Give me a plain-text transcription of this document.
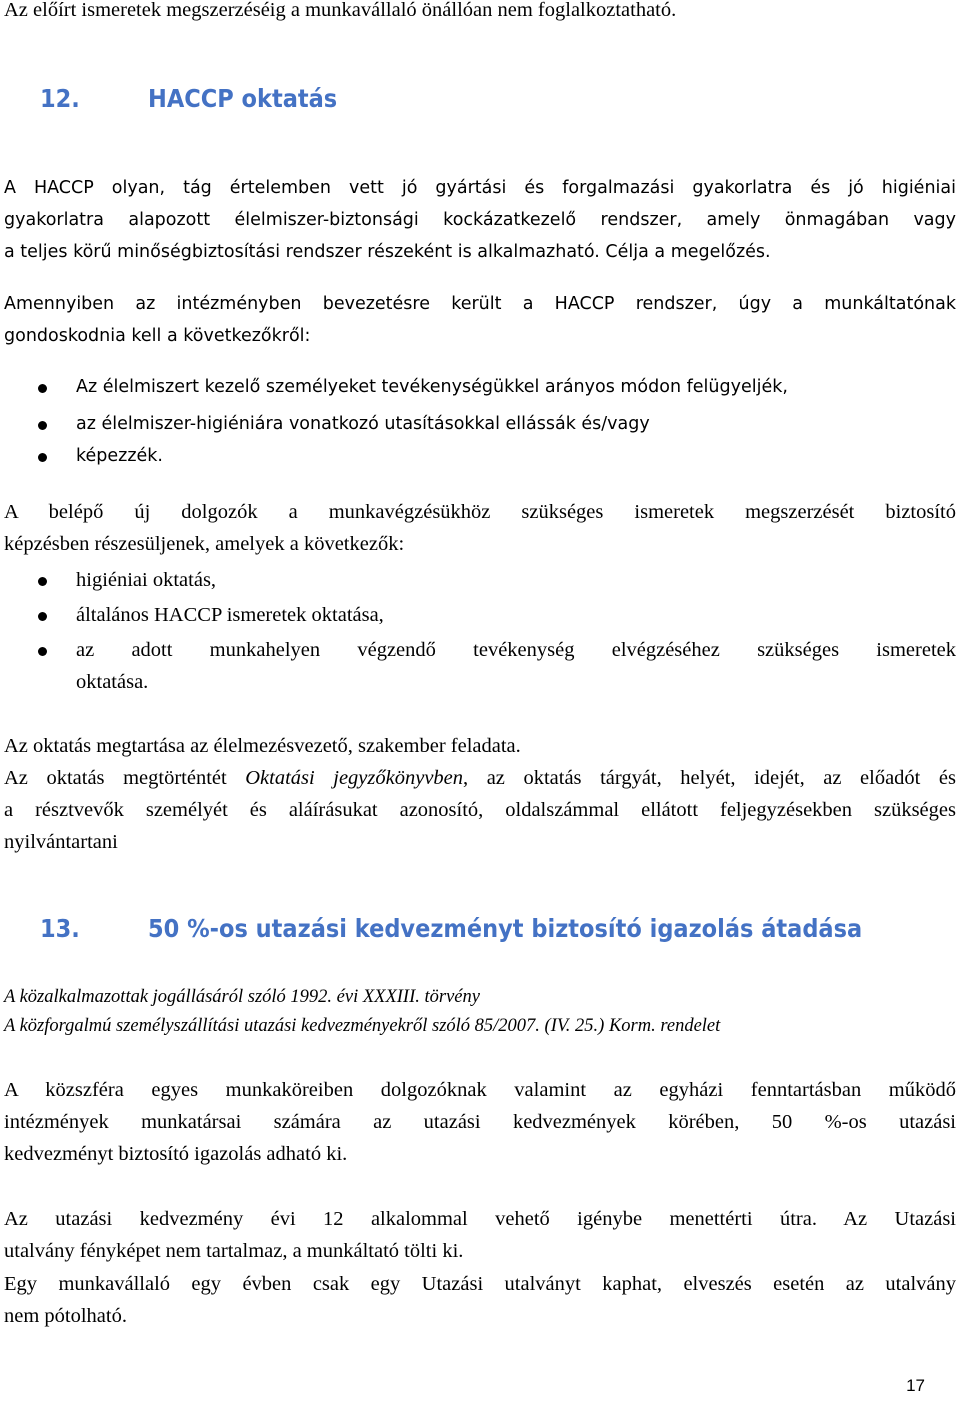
Az előírt ismeretek megszerzéséig a munkavállaló önállóan nem foglalkoztatható.
12.	HACCP oktatás
A HACCP olyan, tág értelemben vett jó gyártási és forgalmazási gyakorlatra és jó higiéniai
gyakorlatra alapozott élelmiszer-biztonsági kockázatkezelő rendszer, amely önmagában vagy
a teljes körű minőségbiztosítási rendszer részeként is alkalmazható. Célja a megelőzés.
Amennyiben az intézményben bevezetésre került a HACCP rendszer, úgy a munkáltatónak
gondoskodnia kell a következőkről:
Az élelmiszert kezelő személyeket tevékenységükkel arányos módon felügyeljék,
az élelmiszer-higiéniára vonatkozó utasításokkal ellássák és/vagy
képezzék.
A belépő új dolgozók a munkavégzésükhöz szükséges ismeretek megszerzését biztosító
képzésben részesüljenek, amelyek a következők:
higiéniai oktatás,
általános HACCP ismeretek oktatása,
az adott munkahelyen végzendő tevékenység elvégzéséhez szükséges ismeretek
oktatása.
Az oktatás megtartása az élelmezésvezető, szakember feladata.
Az oktatás megtörténtét Oktatási jegyzőkönyvben, az oktatás tárgyát, helyét, idejét, az előadót és
a résztvevők személyét és aláírásukat azonosító, oldalszámmal ellátott feljegyzésekben szükséges
nyilvántartani
13.	50 %-os utazási kedvezményt biztosító igazolás átadása
A közalkalmazottak jogállásáról szóló 1992. évi XXXIII. törvény
A közforgalmú személyszállítási utazási kedvezményekről szóló 85/2007. (IV. 25.) Korm. rendelet
A közszféra egyes munkaköreiben dolgozóknak valamint az egyházi fenntartásban működő
intézmények munkatársai számára az utazási kedvezmények körében, 50 %-os utazási
kedvezményt biztosító igazolás adható ki.
Az utazási kedvezmény évi 12 alkalommal vehető igénybe menettérti útra. Az Utazási
utalvány fényképet nem tartalmaz, a munkáltató tölti ki.
Egy munkavállaló egy évben csak egy Utazási utalványt kaphat, elveszés esetén az utalvány
nem pótolható.
17
